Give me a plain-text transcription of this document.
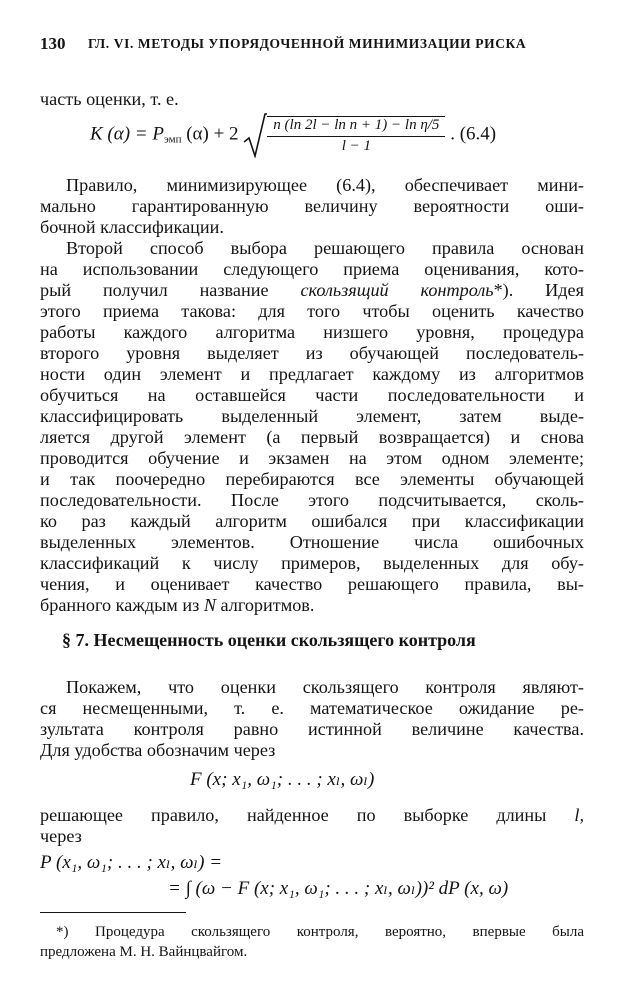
130 ГЛ. VI. МЕТОДЫ УПОРЯДОЧЕННОЙ МИНИМИЗАЦИИ РИСКА
часть оценки, т. е.
K $(\alpha) = P_{эмп}$ $(\alpha) + 2 \frac{\text{n (ln 2l − ln n + 1) − ln η/5}}{l - 1}$ . (6.4)
Правило, минимизирующее (6.4), обеспечивает мини-
мально гарантированную величину вероятности оши-
бочной классификации.
Второй способ выбора решающего правила основан
на использовании следующего приема оценивания, кото-
рый получил название скользящий контроль*). Идея
этого приема такова: для того чтобы оценить качество
работы каждого алгоритма низшего уровня, процедура
второго уровня выделяет из обучающей последователь-
ности один элемент и предлагает каждому из алгоритмов
обучиться на оставшейся части последовательности и
классифицировать выделенный элемент, затем выде-
ляется другой элемент (а первый возвращается) и снова
проводится обучение и экзамен на этом одном элементе;
и так поочередно перебираются все элементы обучающей
последовательности. После этого подсчитывается, сколь-
ко раз каждый алгоритм ошибался при классификации
выделенных элементов. Отношение числа ошибочных
классификаций к числу примеров, выделенных для обу-
чения, и оценивает качество решающего правила, вы-
бранного каждым из N алгоритмов.
§ 7. Несмещенность оценки скользящего контроля
Покажем, что оценки скользящего контроля являют-
ся несмещенными, т. е. математическое ожидание ре-
зультата контроля равно истинной величине качества.
Для удобства обозначим через
F (x; x₁, ω₁; . . . ; xₗ, ωₗ)
решающее правило, найденное по выборке длины l,
через
P (x₁, ω₁; . . . ; xₗ, ωₗ) =
= ∫ (ω − F (x; x₁, ω₁; . . . ; xₗ, ωₗ))² dP (x, ω)
*) Процедура скользящего контроля, вероятно, впервые была
предложена М. Н. Вайнцвайгом.
